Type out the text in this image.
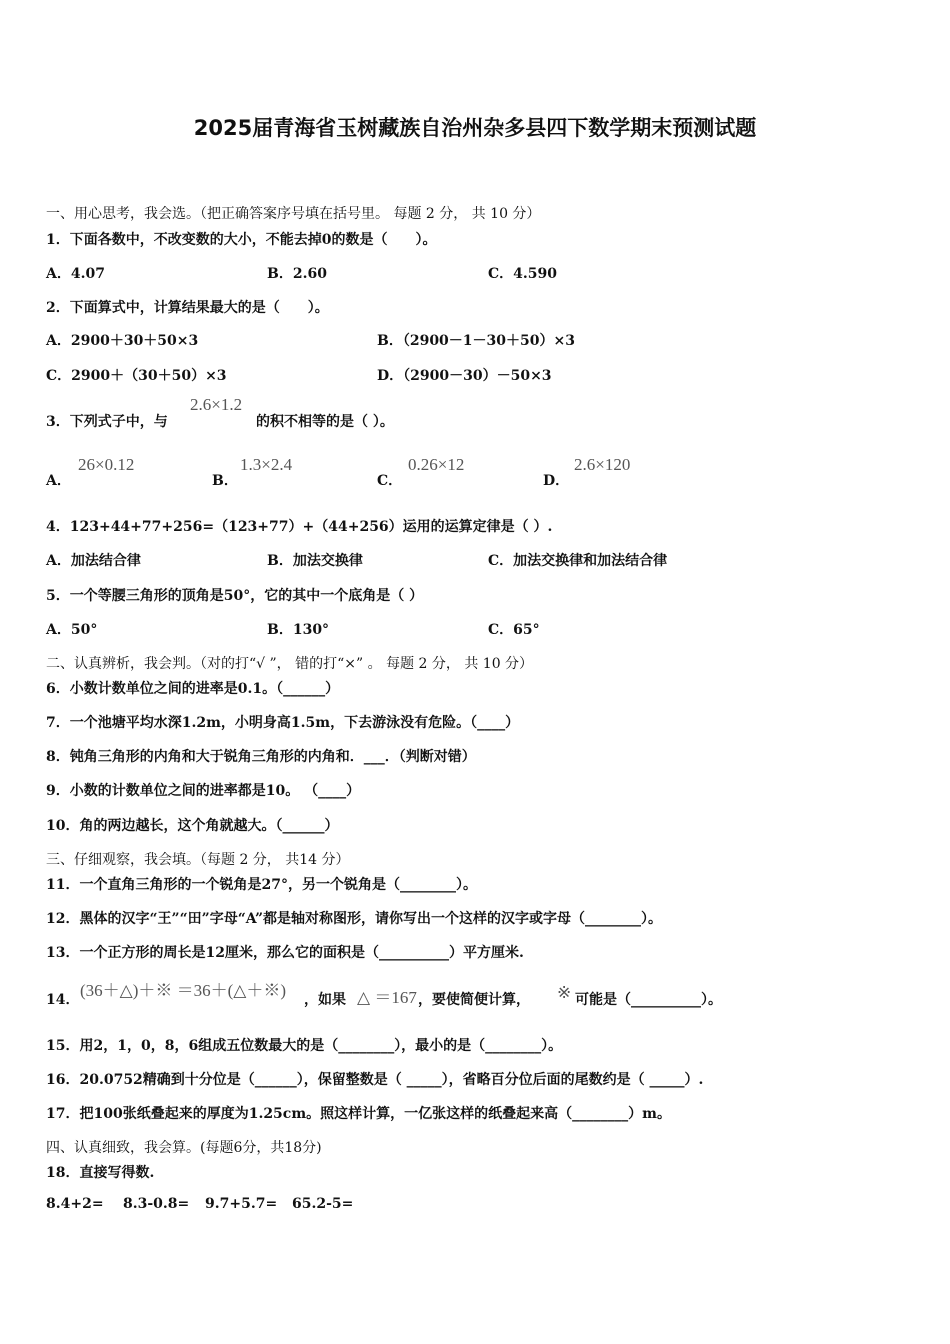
2025届青海省玉树藏族自治州杂多县四下数学期末预测试题
一、用心思考，我会选。（把正确答案序号填在括号里。 每题 2 分， 共 10 分）
1．下面各数中，不改变数的大小，不能去掉0的数是（　　）。
A．4.07	B．2.60	C．4.590
2．下面算式中，计算结果最大的是（　　）。
A．2900＋30＋50×3	B．（2900－1－30＋50）×3
C．2900＋（30＋50）×3	D．（2900－30）－50×3
3．下列式子中，与
2.6×1.2
的积不相等的是（ ）。
A．
26×0.12
B．
1.3×2.4
C．
0.26×12
D．
2.6×120
4．123+44+77+256=（123+77）+（44+256）运用的运算定律是（ ）.
A．加法结合律	B．加法交换律	C．加法交换律和加法结合律
5．一个等腰三角形的顶角是50°，它的其中一个底角是（ ）
A．50°	B．130°	C．65°
二、认真辨析，我会判。（对的打“√ ”， 错的打“×” 。 每题 2 分， 共 10 分）
6．小数计数单位之间的进率是0.1。（______）
7．一个池塘平均水深1.2m，小明身高1.5m，下去游泳没有危险。（____）
8．钝角三角形的内角和大于锐角三角形的内角和．___．（判断对错）
9．小数的计数单位之间的进率都是10。 （____）
10．角的两边越长，这个角就越大。（______）
三、仔细观察，我会填。（每题 2 分， 共14 分）
11．一个直角三角形的一个锐角是27°，另一个锐角是（________）。
12．黑体的汉字“王”“田”字母“A”都是轴对称图形，请你写出一个这样的汉字或字母（________）。
13．一个正方形的周长是12厘米，那么它的面积是（__________）平方厘米.
14． (36＋△)＋※ ＝36＋(△＋※) ，如果 △ ＝167 ，要使简便计算， ※ 可能是（__________）。
15．用2，1，0，8，6组成五位数最大的是（________），最小的是（________）。
16．20.0752精确到十分位是（______），保留整数是（ _____），省略百分位后面的尾数约是（ _____）.
17．把100张纸叠起来的厚度为1.25cm。照这样计算，一亿张这样的纸叠起来高（________）m。
四、认真细致，我会算。(每题6分，共18分)
18．直接写得数.
8.4+2= 8.3-0.8= 9.7+5.7= 65.2-5=
